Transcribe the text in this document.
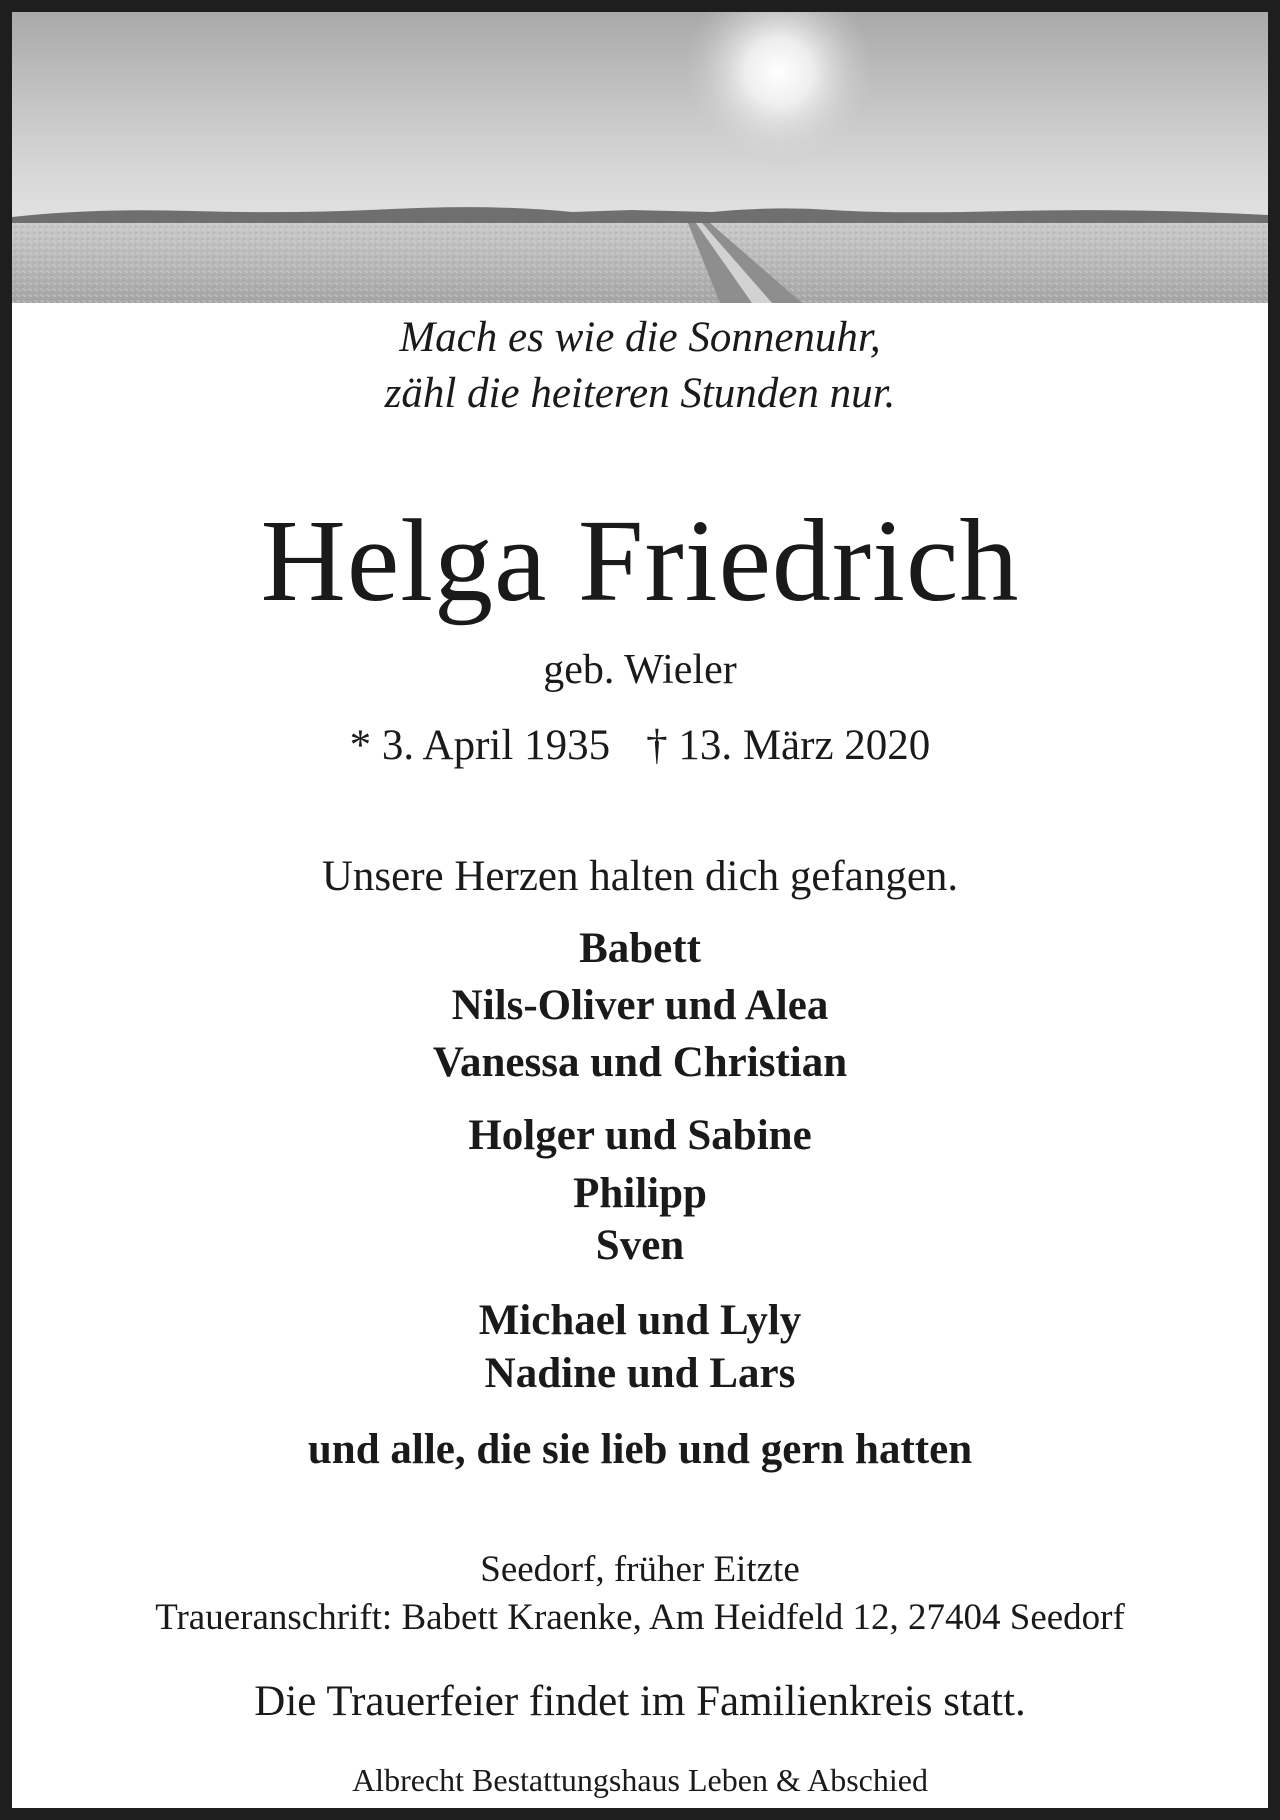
Mach es wie die Sonnenuhr,
zähl die heiteren Stunden nur.
Helga Friedrich
geb. Wieler
* 3. April 1935 † 13. März 2020
Unsere Herzen halten dich gefangen.
Babett
Nils-Oliver und Alea
Vanessa und Christian
Holger und Sabine
Philipp
Sven
Michael und Lyly
Nadine und Lars
und alle, die sie lieb und gern hatten
Seedorf, früher Eitzte
Traueranschrift: Babett Kraenke, Am Heidfeld 12, 27404 Seedorf
Die Trauerfeier findet im Familienkreis statt.
Albrecht Bestattungshaus Leben & Abschied
